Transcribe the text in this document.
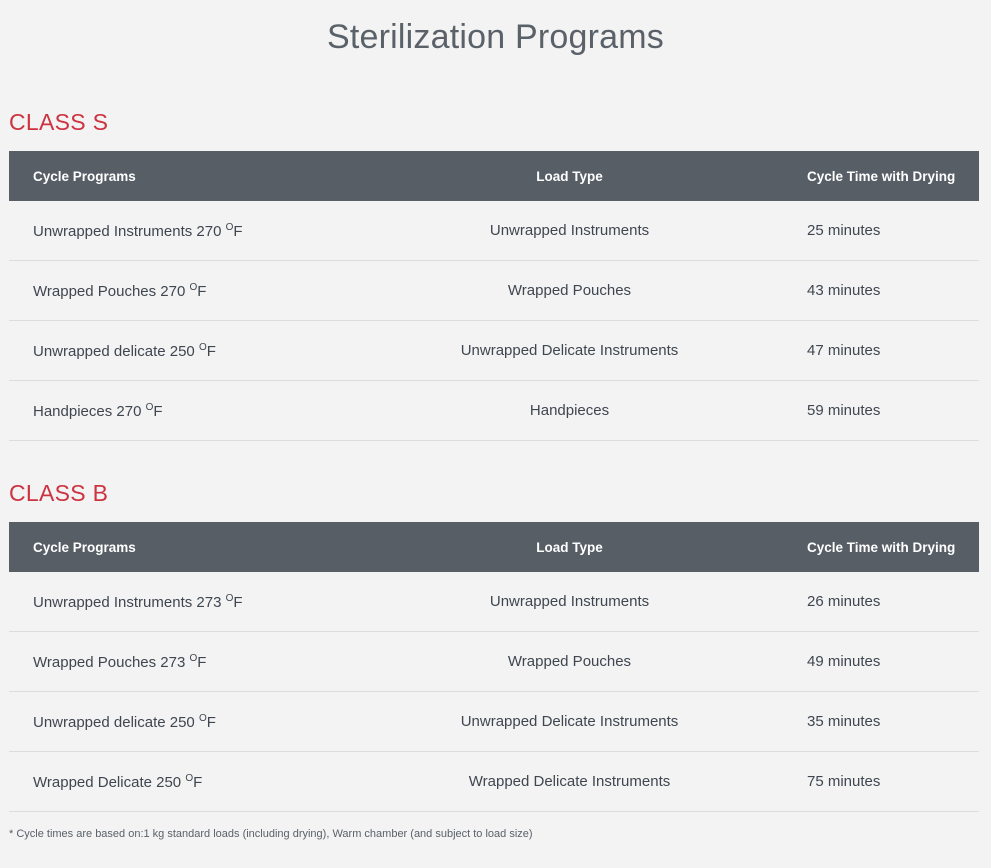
Sterilization Programs
CLASS S
Cycle Programs	Load Type	Cycle Time with Drying
Unwrapped Instruments 270 $^O$F	Unwrapped Instruments	25 minutes
Wrapped Pouches 270 $^O$F	Wrapped Pouches	43 minutes
Unwrapped delicate 250 $^O$F	Unwrapped Delicate Instruments	47 minutes
Handpieces 270 $^O$F	Handpieces	59 minutes
CLASS B
Cycle Programs	Load Type	Cycle Time with Drying
Unwrapped Instruments 273 $^O$F	Unwrapped Instruments	26 minutes
Wrapped Pouches 273 $^O$F	Wrapped Pouches	49 minutes
Unwrapped delicate 250 $^O$F	Unwrapped Delicate Instruments	35 minutes
Wrapped Delicate 250 $^O$F	Wrapped Delicate Instruments	75 minutes

* Cycle times are based on:1 kg standard loads (including drying), Warm chamber (and subject to load size)
